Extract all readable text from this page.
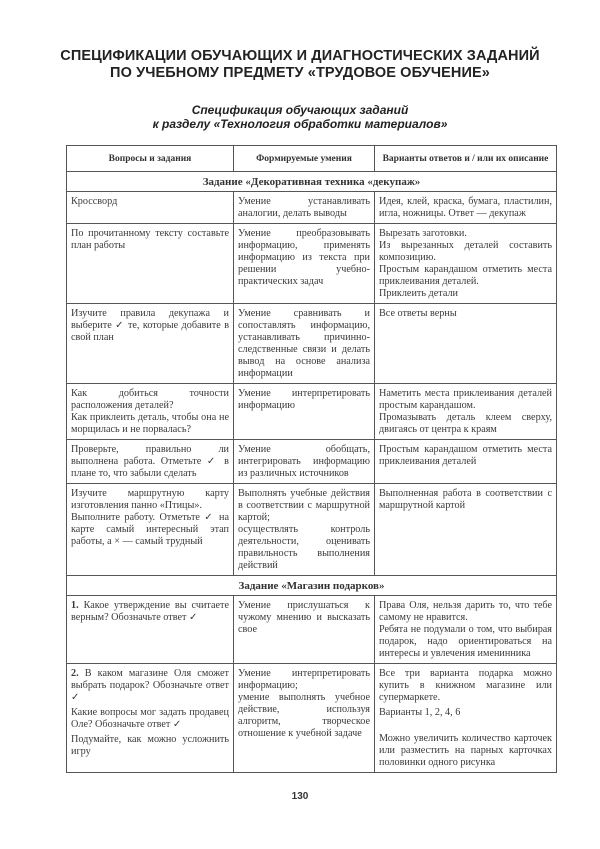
СПЕЦИФИКАЦИИ ОБУЧАЮЩИХ И ДИАГНОСТИЧЕСКИХ ЗАДАНИЙ
ПО УЧЕБНОМУ ПРЕДМЕТУ «ТРУДОВОЕ ОБУЧЕНИЕ»
Спецификация обучающих заданий
к разделу «Технология обработки материалов»
Вопросы и задания	Формируемые умения	Варианты ответов и / или их описание
Задание «Декоративная техника «декупаж»		

Кроссворд	Умение устанавливать аналогии, делать выводы	Идея, клей, краска, бумага, пластилин, игла, ножницы. Ответ — декупаж

По прочитанному тексту составьте план работы	Умение преобразовывать информацию, применять информацию из текста при решении учебно-практических задач	Вырезать заготовки.
Из вырезанных деталей составить композицию.
Простым карандашом отметить места приклеивания деталей.
Приклеить детали

Изучите правила декупажа и выберите ✓ те, которые добавите в свой план	Умение сравнивать и сопоставлять информацию, устанавливать причинно-следственные связи и делать вывод на основе анализа информации	Все ответы верны

Как добиться точности расположения деталей?
Как приклеить деталь, чтобы она не морщилась и не порвалась?	Умение интерпретировать информацию	Наметить места приклеивания деталей простым карандашом.
Промазывать деталь клеем сверху, двигаясь от центра к краям

Проверьте, правильно ли выполнена работа. Отметьте ✓ в плане то, что забыли сделать	Умение обобщать, интегрировать информацию из различных источников	Простым карандашом отметить места приклеивания деталей

Изучите маршрутную карту изготовления панно «Птицы».
Выполните работу. Отметьте ✓ на карте самый интересный этап работы, а × — самый трудный	Выполнять учебные действия в соответствии с маршрутной картой;
осуществлять контроль деятельности, оценивать правильность выполнения действий	Выполненная работа в соответствии с маршрутной картой

Задание «Магазин подарков»		

1. Какое утверждение вы считаете верным? Обозначьте ответ ✓	Умение прислушаться к чужому мнению и высказать свое	Права Оля, нельзя дарить то, что тебе самому не нравится.
Ребята не подумали о том, что выбирая подарок, надо ориентироваться на интересы и увлечения именинника

2. В каком магазине Оля сможет выбрать подарок? Обозначьте ответ ✓
Какие вопросы мог задать продавец Оле? Обозначьте ответ ✓
Подумайте, как можно усложнить игру	Умение интерпретировать информацию;
умение выполнять учебное действие, используя алгоритм, творческое отношение к учебной задаче	Все три варианта подарка можно купить в книжном магазине или супермаркете.
Варианты 1, 2, 4, 6
Можно увеличить количество карточек или разместить на парных карточках половинки одного рисунка
130
